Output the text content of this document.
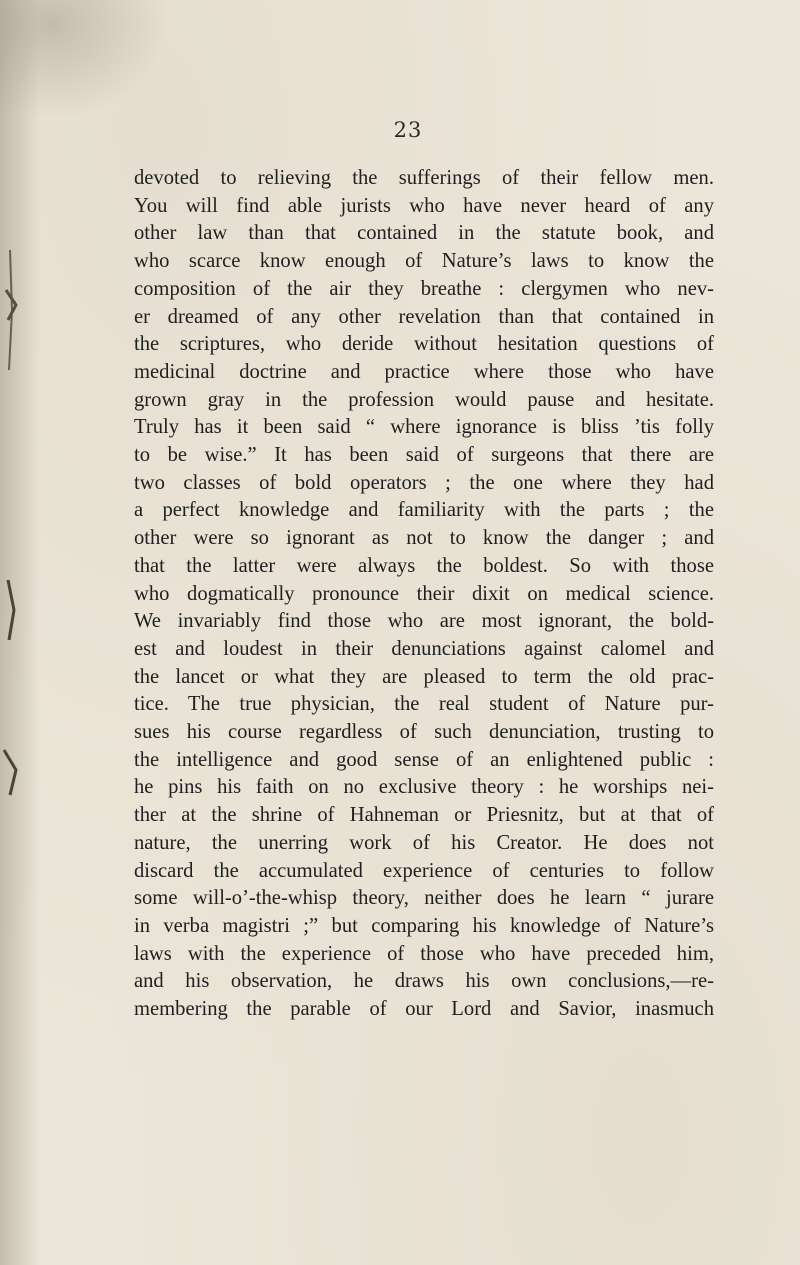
23
devoted to relieving the sufferings of their fellow men.
You will find able jurists who have never heard of any
other law than that contained in the statute book, and
who scarce know enough of Nature’s laws to know the
composition of the air they breathe : clergymen who nev-
er dreamed of any other revelation than that contained in
the scriptures, who deride without hesitation questions of
medicinal doctrine and practice where those who have
grown gray in the profession would pause and hesitate.
Truly has it been said “ where ignorance is bliss ’tis folly
to be wise.” It has been said of surgeons that there are
two classes of bold operators ; the one where they had
a perfect knowledge and familiarity with the parts ; the
other were so ignorant as not to know the danger ; and
that the latter were always the boldest. So with those
who dogmatically pronounce their dixit on medical science.
We invariably find those who are most ignorant, the bold-
est and loudest in their denunciations against calomel and
the lancet or what they are pleased to term the old prac-
tice. The true physician, the real student of Nature pur-
sues his course regardless of such denunciation, trusting to
the intelligence and good sense of an enlightened public :
he pins his faith on no exclusive theory : he worships nei-
ther at the shrine of Hahneman or Priesnitz, but at that of
nature, the unerring work of his Creator. He does not
discard the accumulated experience of centuries to follow
some will-o’-the-whisp theory, neither does he learn “ jurare
in verba magistri ;” but comparing his knowledge of Nature’s
laws with the experience of those who have preceded him,
and his observation, he draws his own conclusions,—re-
membering the parable of our Lord and Savior, inasmuch
